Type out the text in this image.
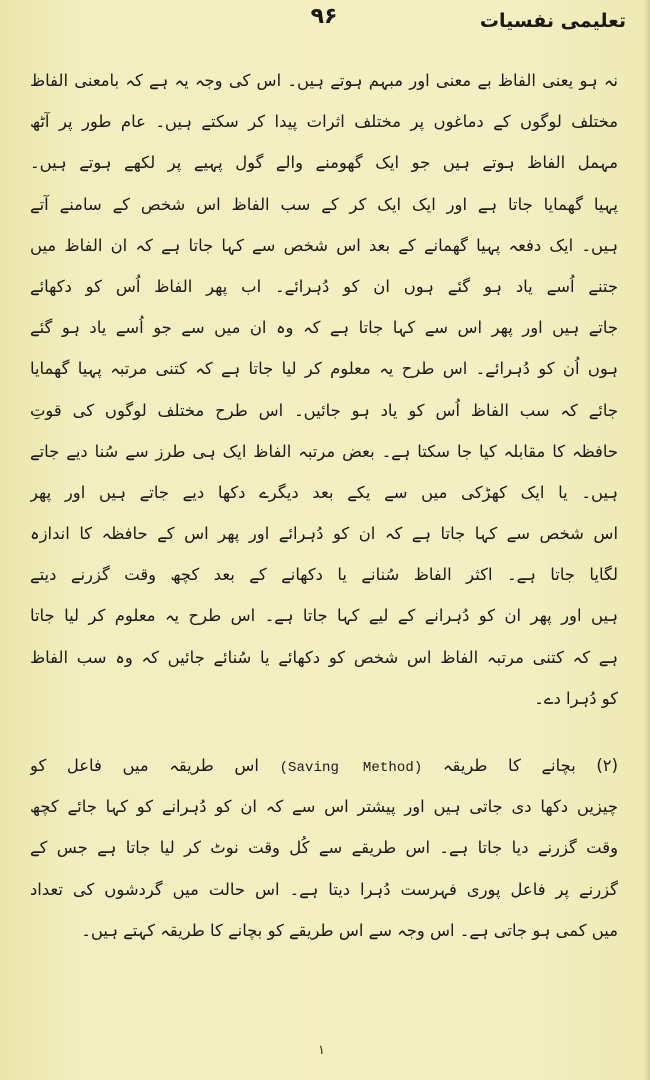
تعلیمی نفسیات
۹۶
نہ ہو یعنی الفاظ بے معنی اور مبہم ہوتے ہیں۔ اس کی وجہ یہ ہے کہ بامعنی الفاظ
مختلف لوگوں کے دماغوں پر مختلف اثرات پیدا کر سکتے ہیں۔ عام طور پر آٹھ
مہمل الفاظ ہوتے ہیں جو ایک گھومنے والے گول پہیے پر لکھے ہوتے ہیں۔
پہیا گھمایا جاتا ہے اور ایک ایک کر کے سب الفاظ اس شخص کے سامنے آتے
ہیں۔ ایک دفعہ پہیا گھمانے کے بعد اس شخص سے کہا جاتا ہے کہ ان الفاظ میں
جتنے اُسے یاد ہو گئے ہوں ان کو دُہرائے۔ اب پھر الفاظ اُس کو دکھائے
جاتے ہیں اور پھر اس سے کہا جاتا ہے کہ وہ ان میں سے جو اُسے یاد ہو گئے
ہوں اُن کو دُہرائے۔ اس طرح یہ معلوم کر لیا جاتا ہے کہ کتنی مرتبہ پہیا گھمایا
جائے کہ سب الفاظ اُس کو یاد ہو جائیں۔ اس طرح مختلف لوگوں کی قوتِ
حافظہ کا مقابلہ کیا جا سکتا ہے۔ بعض مرتبہ الفاظ ایک ہی طرز سے سُنا دیے جاتے
ہیں۔ یا ایک کھڑکی میں سے یکے بعد دیگرے دکھا دیے جاتے ہیں اور پھر
اس شخص سے کہا جاتا ہے کہ ان کو دُہرائے اور پھر اس کے حافظہ کا اندازہ
لگایا جاتا ہے۔ اکثر الفاظ سُنانے یا دکھانے کے بعد کچھ وقت گزرنے دیتے
ہیں اور پھر ان کو دُہرانے کے لیے کہا جاتا ہے۔ اس طرح یہ معلوم کر لیا جاتا
ہے کہ کتنی مرتبہ الفاظ اس شخص کو دکھائے یا سُنائے جائیں کہ وہ سب الفاظ
کو دُہرا دے۔
(۲) بچانے کا طریقہ (Saving Method) اس طریقہ میں فاعل کو
چیزیں دکھا دی جاتی ہیں اور پیشتر اس سے کہ ان کو دُہرانے کو کہا جائے کچھ
وقت گزرنے دیا جاتا ہے۔ اس طریقے سے کُل وقت نوٹ کر لیا جاتا ہے جس کے
گزرنے پر فاعل پوری فہرست دُہرا دیتا ہے۔ اس حالت میں گردشوں کی تعداد
میں کمی ہو جاتی ہے۔ اس وجہ سے اس طریقے کو بچانے کا طریقہ کہتے ہیں۔
۱
